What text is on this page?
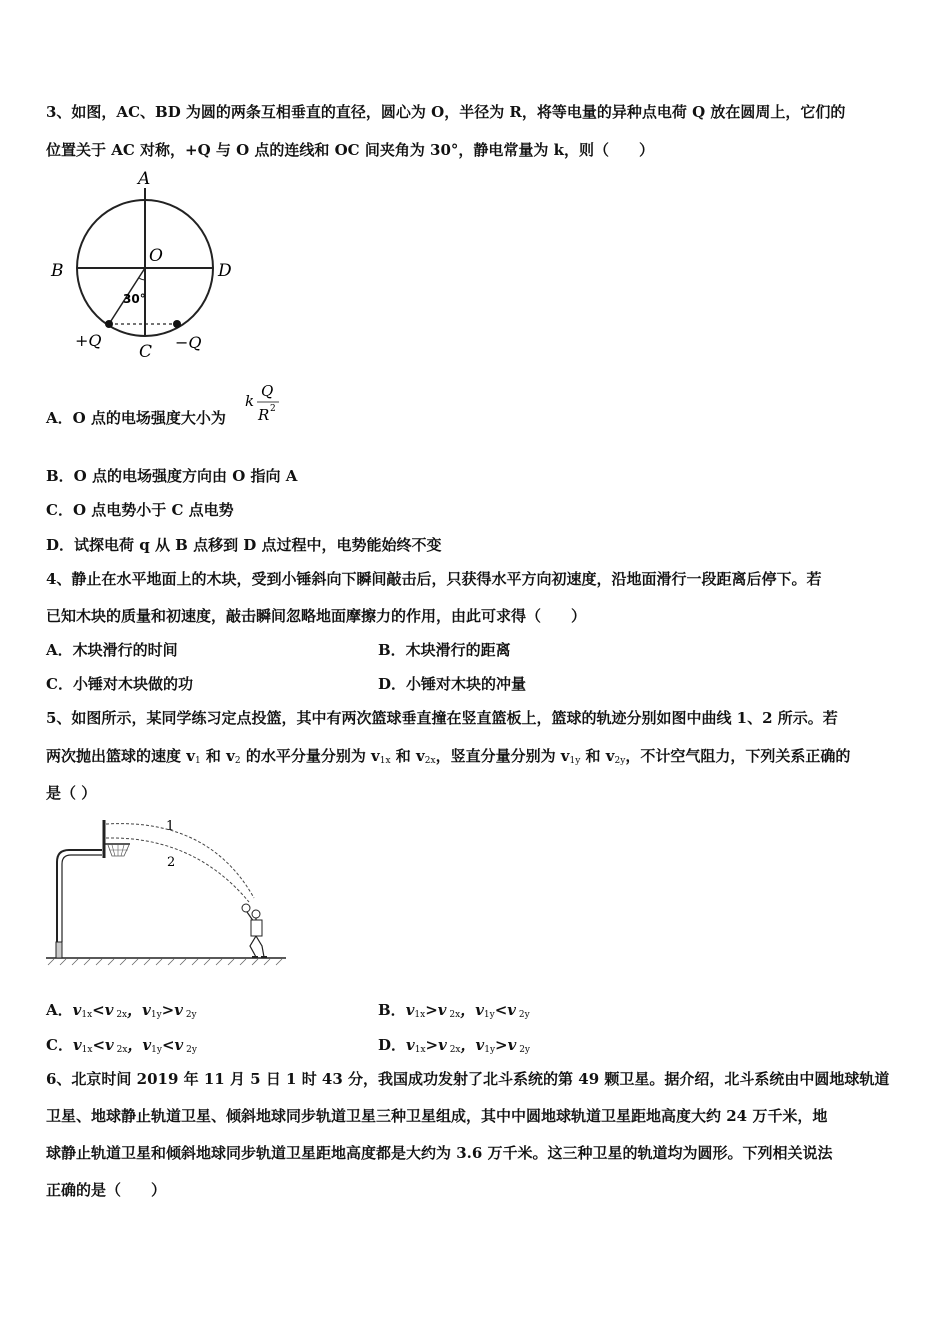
3、如图，AC、BD 为圆的两条互相垂直的直径，圆心为 O，半径为 R，将等电量的异种点电荷 Q 放在圆周上，它们的
位置关于 AC 对称，+Q 与 O 点的连线和 OC 间夹角为 30°，静电常量为 k，则（　　）
A
B	D
O
C
30°
+Q	−Q
A．O 点的电场强度大小为
k
Q
R 2
B．O 点的电场强度方向由 O 指向 A
C．O 点电势小于 C 点电势
D．试探电荷 q 从 B 点移到 D 点过程中，电势能始终不变
4、静止在水平地面上的木块，受到小锤斜向下瞬间敲击后，只获得水平方向初速度，沿地面滑行一段距离后停下。若
已知木块的质量和初速度，敲击瞬间忽略地面摩擦力的作用，由此可求得（　　）
A．木块滑行的时间	B．木块滑行的距离
C．小锤对木块做的功	D．小锤对木块的冲量
5、如图所示，某同学练习定点投篮，其中有两次篮球垂直撞在竖直篮板上，篮球的轨迹分别如图中曲线 1、2 所示。若
两次抛出篮球的速度 $v_1$ 和 $v_2$ 的水平分量分别为 $v_{1x}$ 和 $v_{2x}$，竖直分量分别为 $v_{1y}$ 和 $v_{2y}$，不计空气阻力，下列关系正确的
是（ ）
1
2
A．$v_{1x}<v$ $_{2x}$，$v_{1y}>v$ $_{2y}$	B．$v_{1x}>v$ $_{2x}$，$v_{1y}<v$ $_{2y}$
C．$v_{1x}<v$ $_{2x}$，$v_{1y}<v$ $_{2y}$	D．$v_{1x}>v$ $_{2x}$，$v_{1y}>v$ $_{2y}$
6、北京时间 2019 年 11 月 5 日 1 时 43 分，我国成功发射了北斗系统的第 49 颗卫星。据介绍，北斗系统由中圆地球轨道
卫星、地球静止轨道卫星、倾斜地球同步轨道卫星三种卫星组成，其中中圆地球轨道卫星距地高度大约 24 万千米，地
球静止轨道卫星和倾斜地球同步轨道卫星距地高度都是大约为 3.6 万千米。这三种卫星的轨道均为圆形。下列相关说法
正确的是（　　）
